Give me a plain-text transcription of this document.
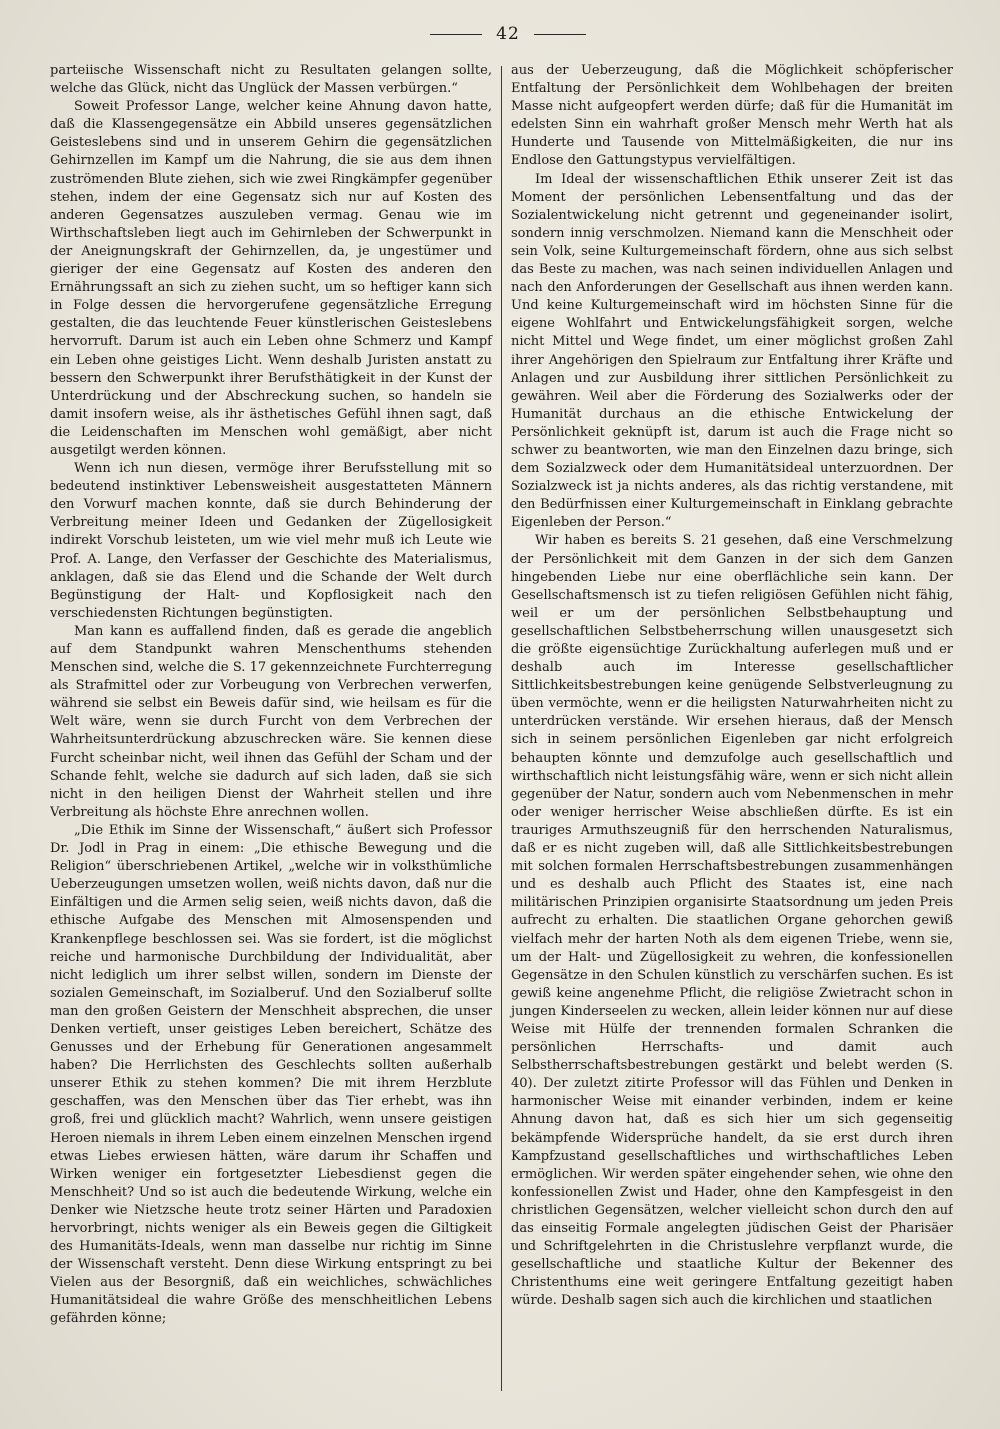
42

parteiische Wissenschaft nicht zu Resultaten gelangen sollte, welche das Glück, nicht das Unglück der Massen verbürgen.“

Soweit Professor Lange, welcher keine Ahnung davon hatte, daß die Klassengegensätze ein Abbild unseres gegensätzlichen Geisteslebens sind und in unserem Gehirn die gegensätzlichen Gehirnzellen im Kampf um die Nahrung, die sie aus dem ihnen zuströmenden Blute ziehen, sich wie zwei Ringkämpfer gegenüber stehen, indem der eine Gegensatz sich nur auf Kosten des anderen Gegensatzes auszuleben vermag. Genau wie im Wirthschaftsleben liegt auch im Gehirnleben der Schwerpunkt in der Aneignungskraft der Gehirnzellen, da, je ungestümer und gieriger der eine Gegensatz auf Kosten des anderen den Ernährungssaft an sich zu ziehen sucht, um so heftiger kann sich in Folge dessen die hervorgerufene gegensätzliche Erregung gestalten, die das leuchtende Feuer künstlerischen Geisteslebens hervorruft. Darum ist auch ein Leben ohne Schmerz und Kampf ein Leben ohne geistiges Licht. Wenn deshalb Juristen anstatt zu bessern den Schwerpunkt ihrer Berufsthätigkeit in der Kunst der Unterdrückung und der Abschreckung suchen, so handeln sie damit insofern weise, als ihr ästhetisches Gefühl ihnen sagt, daß die Leidenschaften im Menschen wohl gemäßigt, aber nicht ausgetilgt werden können.

Wenn ich nun diesen, vermöge ihrer Berufsstellung mit so bedeutend instinktiver Lebensweisheit ausgestatteten Männern den Vorwurf machen konnte, daß sie durch Behinderung der Verbreitung meiner Ideen und Gedanken der Zügellosigkeit indirekt Vorschub leisteten, um wie viel mehr muß ich Leute wie Prof. A. Lange, den Verfasser der Geschichte des Materialismus, anklagen, daß sie das Elend und die Schande der Welt durch Begünstigung der Halt- und Kopflosigkeit nach den verschiedensten Richtungen begünstigten.

Man kann es auffallend finden, daß es gerade die angeblich auf dem Standpunkt wahren Menschenthums stehenden Menschen sind, welche die S. 17 gekennzeichnete Furchterregung als Strafmittel oder zur Vorbeugung von Verbrechen verwerfen, während sie selbst ein Beweis dafür sind, wie heilsam es für die Welt wäre, wenn sie durch Furcht von dem Verbrechen der Wahrheitsunterdrückung abzuschrecken wäre. Sie kennen diese Furcht scheinbar nicht, weil ihnen das Gefühl der Scham und der Schande fehlt, welche sie dadurch auf sich laden, daß sie sich nicht in den heiligen Dienst der Wahrheit stellen und ihre Verbreitung als höchste Ehre anrechnen wollen.

„Die Ethik im Sinne der Wissenschaft,“ äußert sich Professor Dr. Jodl in Prag in einem: „Die ethische Bewegung und die Religion“ überschriebenen Artikel, „welche wir in volksthümliche Ueberzeugungen umsetzen wollen, weiß nichts davon, daß nur die Einfältigen und die Armen selig seien, weiß nichts davon, daß die ethische Aufgabe des Menschen mit Almosenspenden und Krankenpflege beschlossen sei. Was sie fordert, ist die möglichst reiche und harmonische Durchbildung der Individualität, aber nicht lediglich um ihrer selbst willen, sondern im Dienste der sozialen Gemeinschaft, im Sozialberuf. Und den Sozialberuf sollte man den großen Geistern der Menschheit absprechen, die unser Denken vertieft, unser geistiges Leben bereichert, Schätze des Genusses und der Erhebung für Generationen angesammelt haben? Die Herrlichsten des Geschlechts sollten außerhalb unserer Ethik zu stehen kommen? Die mit ihrem Herzblute geschaffen, was den Menschen über das Tier erhebt, was ihn groß, frei und glücklich macht? Wahrlich, wenn unsere geistigen Heroen niemals in ihrem Leben einem einzelnen Menschen irgend etwas Liebes erwiesen hätten, wäre darum ihr Schaffen und Wirken weniger ein fortgesetzter Liebesdienst gegen die Menschheit? Und so ist auch die bedeutende Wirkung, welche ein Denker wie Nietzsche heute trotz seiner Härten und Paradoxien hervorbringt, nichts weniger als ein Beweis gegen die Giltigkeit des Humanitäts-Ideals, wenn man dasselbe nur richtig im Sinne der Wissenschaft versteht. Denn diese Wirkung entspringt zu bei Vielen aus der Besorgniß, daß ein weichliches, schwächliches Humanitätsideal die wahre Größe des menschheitlichen Lebens gefährden könne;

aus der Ueberzeugung, daß die Möglichkeit schöpferischer Entfaltung der Persönlichkeit dem Wohlbehagen der breiten Masse nicht aufgeopfert werden dürfe; daß für die Humanität im edelsten Sinn ein wahrhaft großer Mensch mehr Werth hat als Hunderte und Tausende von Mittelmäßigkeiten, die nur ins Endlose den Gattungstypus vervielfältigen.

Im Ideal der wissenschaftlichen Ethik unserer Zeit ist das Moment der persönlichen Lebensentfaltung und das der Sozialentwickelung nicht getrennt und gegeneinander isolirt, sondern innig verschmolzen. Niemand kann die Menschheit oder sein Volk, seine Kulturgemeinschaft fördern, ohne aus sich selbst das Beste zu machen, was nach seinen individuellen Anlagen und nach den Anforderungen der Gesellschaft aus ihnen werden kann. Und keine Kulturgemeinschaft wird im höchsten Sinne für die eigene Wohlfahrt und Entwickelungsfähigkeit sorgen, welche nicht Mittel und Wege findet, um einer möglichst großen Zahl ihrer Angehörigen den Spielraum zur Entfaltung ihrer Kräfte und Anlagen und zur Ausbildung ihrer sittlichen Persönlichkeit zu gewähren. Weil aber die Förderung des Sozialwerks oder der Humanität durchaus an die ethische Entwickelung der Persönlichkeit geknüpft ist, darum ist auch die Frage nicht so schwer zu beantworten, wie man den Einzelnen dazu bringe, sich dem Sozialzweck oder dem Humanitätsideal unterzuordnen. Der Sozialzweck ist ja nichts anderes, als das richtig verstandene, mit den Bedürfnissen einer Kulturgemeinschaft in Einklang gebrachte Eigenleben der Person.“

Wir haben es bereits S. 21 gesehen, daß eine Verschmelzung der Persönlichkeit mit dem Ganzen in der sich dem Ganzen hingebenden Liebe nur eine oberflächliche sein kann. Der Gesellschaftsmensch ist zu tiefen religiösen Gefühlen nicht fähig, weil er um der persönlichen Selbstbehauptung und gesellschaftlichen Selbstbeherrschung willen unausgesetzt sich die größte eigensüchtige Zurückhaltung auferlegen muß und er deshalb auch im Interesse gesellschaftlicher Sittlichkeitsbestrebungen keine genügende Selbstverleugnung zu üben vermöchte, wenn er die heiligsten Naturwahrheiten nicht zu unterdrücken verstände. Wir ersehen hieraus, daß der Mensch sich in seinem persönlichen Eigenleben gar nicht erfolgreich behaupten könnte und demzufolge auch gesellschaftlich und wirthschaftlich nicht leistungsfähig wäre, wenn er sich nicht allein gegenüber der Natur, sondern auch vom Nebenmenschen in mehr oder weniger herrischer Weise abschließen dürfte. Es ist ein trauriges Armuthszeugniß für den herrschenden Naturalismus, daß er es nicht zugeben will, daß alle Sittlichkeitsbestrebungen mit solchen formalen Herrschaftsbestrebungen zusammenhängen und es deshalb auch Pflicht des Staates ist, eine nach militärischen Prinzipien organisirte Staatsordnung um jeden Preis aufrecht zu erhalten. Die staatlichen Organe gehorchen gewiß vielfach mehr der harten Noth als dem eigenen Triebe, wenn sie, um der Halt- und Zügellosigkeit zu wehren, die konfessionellen Gegensätze in den Schulen künstlich zu verschärfen suchen. Es ist gewiß keine angenehme Pflicht, die religiöse Zwietracht schon in jungen Kinderseelen zu wecken, allein leider können nur auf diese Weise mit Hülfe der trennenden formalen Schranken die persönlichen Herrschafts- und damit auch Selbstherrschaftsbestrebungen gestärkt und belebt werden (S. 40). Der zuletzt zitirte Professor will das Fühlen und Denken in harmonischer Weise mit einander verbinden, indem er keine Ahnung davon hat, daß es sich hier um sich gegenseitig bekämpfende Widersprüche handelt, da sie erst durch ihren Kampfzustand gesellschaftliches und wirthschaftliches Leben ermöglichen. Wir werden später eingehender sehen, wie ohne den konfessionellen Zwist und Hader, ohne den Kampfesgeist in den christlichen Gegensätzen, welcher vielleicht schon durch den auf das einseitig Formale angelegten jüdischen Geist der Pharisäer und Schriftgelehrten in die Christuslehre verpflanzt wurde, die gesellschaftliche und staatliche Kultur der Bekenner des Christenthums eine weit geringere Entfaltung gezeitigt haben würde. Deshalb sagen sich auch die kirchlichen und staatlichen
